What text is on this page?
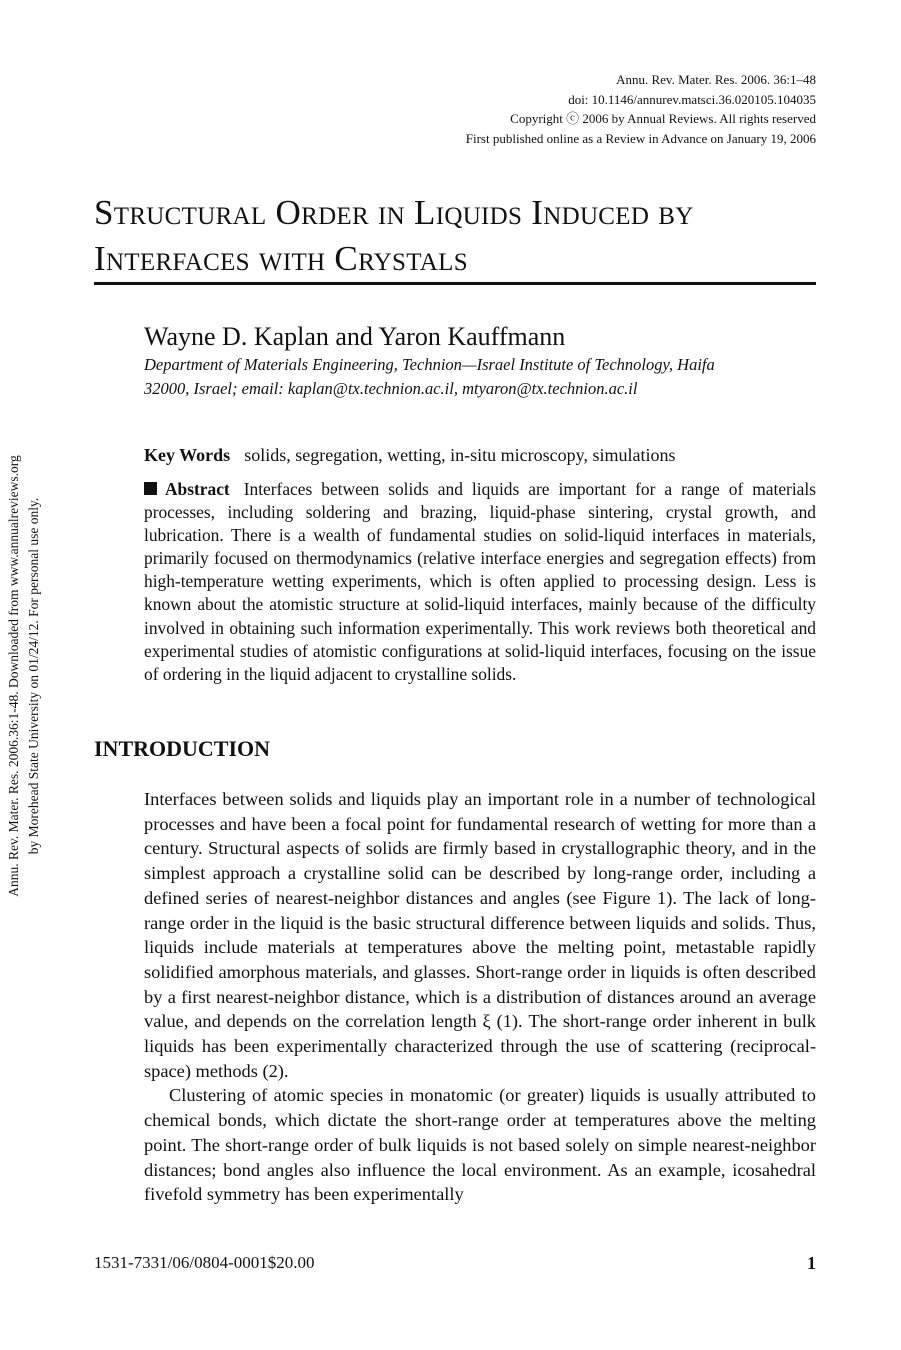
Annu. Rev. Mater. Res. 2006. 36:1–48
doi: 10.1146/annurev.matsci.36.020105.104035
Copyright ⓒ 2006 by Annual Reviews. All rights reserved
First published online as a Review in Advance on January 19, 2006
Structural Order in Liquids Induced by Interfaces with Crystals
Wayne D. Kaplan and Yaron Kauffmann
Department of Materials Engineering, Technion—Israel Institute of Technology, Haifa
32000, Israel; email: kaplan@tx.technion.ac.il, mtyaron@tx.technion.ac.il
Key Words solids, segregation, wetting, in-situ microscopy, simulations
Abstract Interfaces between solids and liquids are important for a range of materials processes, including soldering and brazing, liquid-phase sintering, crystal growth, and lubrication. There is a wealth of fundamental studies on solid-liquid interfaces in materials, primarily focused on thermodynamics (relative interface energies and segregation effects) from high-temperature wetting experiments, which is often applied to processing design. Less is known about the atomistic structure at solid-liquid interfaces, mainly because of the difficulty involved in obtaining such information experimentally. This work reviews both theoretical and experimental studies of atomistic configurations at solid-liquid interfaces, focusing on the issue of ordering in the liquid adjacent to crystalline solids.
INTRODUCTION

Interfaces between solids and liquids play an important role in a number of technological processes and have been a focal point for fundamental research of wetting for more than a century. Structural aspects of solids are firmly based in crystallographic theory, and in the simplest approach a crystalline solid can be described by long-range order, including a defined series of nearest-neighbor distances and angles (see Figure 1). The lack of long-range order in the liquid is the basic structural difference between liquids and solids. Thus, liquids include materials at temperatures above the melting point, metastable rapidly solidified amorphous materials, and glasses. Short-range order in liquids is often described by a first nearest-neighbor distance, which is a distribution of distances around an average value, and depends on the correlation length ξ (1). The short-range order inherent in bulk liquids has been experimentally characterized through the use of scattering (reciprocal-space) methods (2).

Clustering of atomic species in monatomic (or greater) liquids is usually attributed to chemical bonds, which dictate the short-range order at temperatures above the melting point. The short-range order of bulk liquids is not based solely on simple nearest-neighbor distances; bond angles also influence the local environment. As an example, icosahedral fivefold symmetry has been experimentally

Annu. Rev. Mater. Res. 2006.36:1-48. Downloaded from www.annualreviews.org by Morehead State University on 01/24/12. For personal use only.
1531-7331/06/0804-0001$20.00	1
